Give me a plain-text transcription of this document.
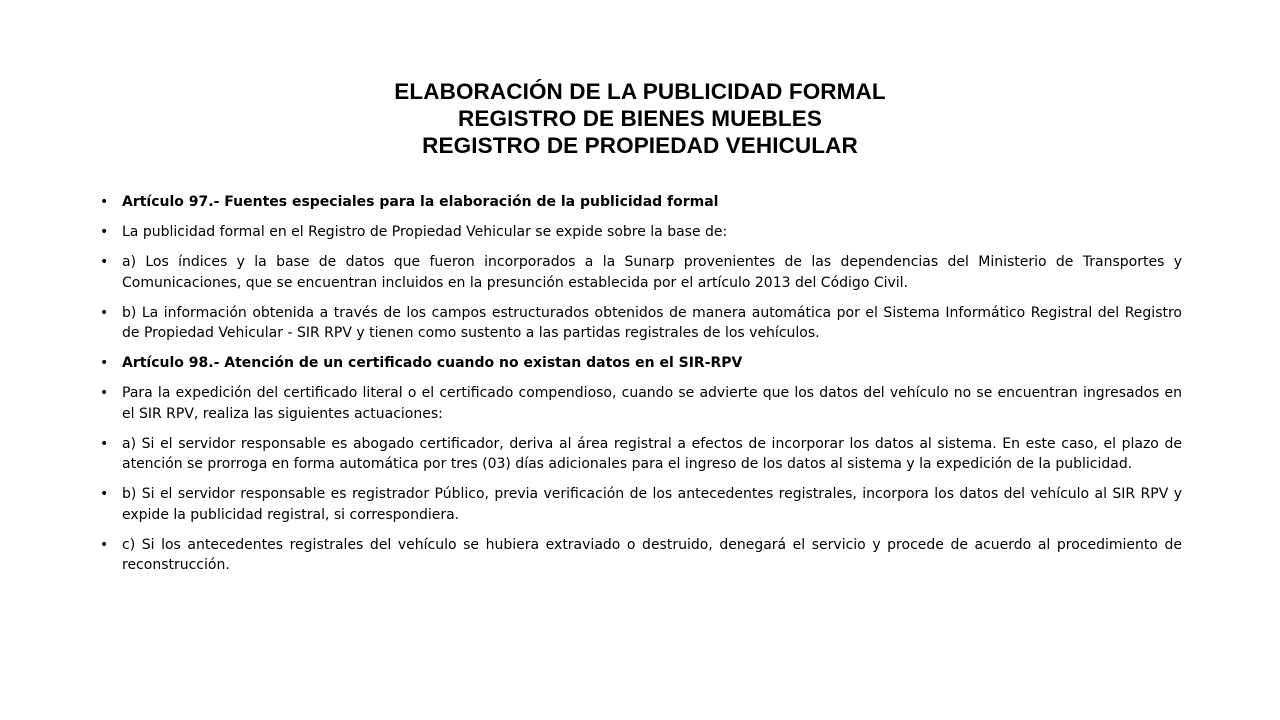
ELABORACIÓN DE LA PUBLICIDAD FORMAL
REGISTRO DE BIENES MUEBLES
REGISTRO DE PROPIEDAD VEHICULAR
• Artículo 97.- Fuentes especiales para la elaboración de la publicidad formal
• La publicidad formal en el Registro de Propiedad Vehicular se expide sobre la base de:
• a) Los índices y la base de datos que fueron incorporados a la Sunarp provenientes de las dependencias del Ministerio de Transportes y Comunicaciones, que se encuentran incluidos en la presunción establecida por el artículo 2013 del Código Civil.
• b) La información obtenida a través de los campos estructurados obtenidos de manera automática por el Sistema Informático Registral del Registro de Propiedad Vehicular - SIR RPV y tienen como sustento a las partidas registrales de los vehículos.
• Artículo 98.- Atención de un certificado cuando no existan datos en el SIR-RPV
• Para la expedición del certificado literal o el certificado compendioso, cuando se advierte que los datos del vehículo no se encuentran ingresados en el SIR RPV, realiza las siguientes actuaciones:
• a) Si el servidor responsable es abogado certificador, deriva al área registral a efectos de incorporar los datos al sistema. En este caso, el plazo de atención se prorroga en forma automática por tres (03) días adicionales para el ingreso de los datos al sistema y la expedición de la publicidad.
• b) Si el servidor responsable es registrador Público, previa verificación de los antecedentes registrales, incorpora los datos del vehículo al SIR RPV y expide la publicidad registral, si correspondiera.
• c) Si los antecedentes registrales del vehículo se hubiera extraviado o destruido, denegará el servicio y procede de acuerdo al procedimiento de reconstrucción.
